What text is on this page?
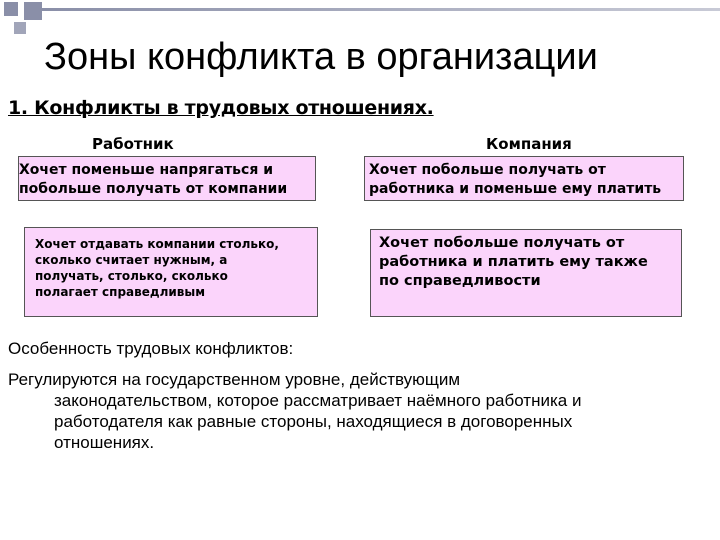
Зоны конфликта в организации
1. Конфликты в трудовых отношениях.
Работник	Компания
Хочет поменьше напрягаться и
побольше получать от компании
Хочет побольше получать от
работника и поменьше ему платить
Хочет отдавать компании столько,
сколько считает нужным, а
получать, столько, сколько
полагает справедливым
Хочет побольше получать от
работника и платить ему также
по справедливости
Особенность трудовых конфликтов:
Регулируются на государственном уровне, действующим
законодательством, которое рассматривает наёмного работника и
работодателя как равные стороны, находящиеся в договоренных
отношениях.
